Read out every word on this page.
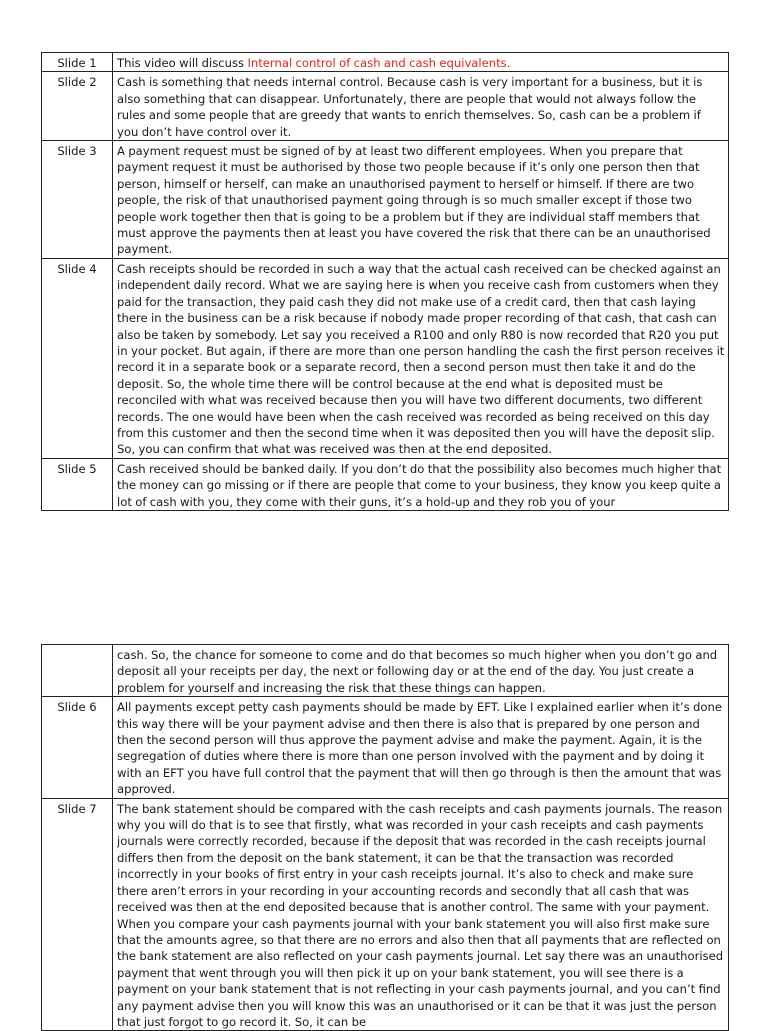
Slide 1	This video will discuss Internal control of cash and cash equivalents.
Slide 2	Cash is something that needs internal control. Because cash is very important for a business, but it is also something that can disappear. Unfortunately, there are people that would not always follow the rules and some people that are greedy that wants to enrich themselves. So, cash can be a problem if you don’t have control over it.
Slide 3	A payment request must be signed of by at least two different employees. When you prepare that payment request it must be authorised by those two people because if it’s only one person then that person, himself or herself, can make an unauthorised payment to herself or himself. If there are two people, the risk of that unauthorised payment going through is so much smaller except if those two people work together then that is going to be a problem but if they are individual staff members that must approve the payments then at least you have covered the risk that there can be an unauthorised payment.
Slide 4	Cash receipts should be recorded in such a way that the actual cash received can be checked against an independent daily record. What we are saying here is when you receive cash from customers when they paid for the transaction, they paid cash they did not make use of a credit card, then that cash laying there in the business can be a risk because if nobody made proper recording of that cash, that cash can also be taken by somebody. Let say you received a R100 and only R80 is now recorded that R20 you put in your pocket. But again, if there are more than one person handling the cash the first person receives it record it in a separate book or a separate record, then a second person must then take it and do the deposit. So, the whole time there will be control because at the end what is deposited must be reconciled with what was received because then you will have two different documents, two different records. The one would have been when the cash received was recorded as being received on this day from this customer and then the second time when it was deposited then you will have the deposit slip. So, you can confirm that what was received was then at the end deposited.
Slide 5	Cash received should be banked daily. If you don’t do that the possibility also becomes much higher that the money can go missing or if there are people that come to your business, they know you keep quite a lot of cash with you, they come with their guns, it’s a hold-up and they rob you of your
	cash. So, the chance for someone to come and do that becomes so much higher when you don’t go and deposit all your receipts per day, the next or following day or at the end of the day. You just create a problem for yourself and increasing the risk that these things can happen.
Slide 6	All payments except petty cash payments should be made by EFT. Like I explained earlier when it’s done this way there will be your payment advise and then there is also that is prepared by one person and then the second person will thus approve the payment advise and make the payment. Again, it is the segregation of duties where there is more than one person involved with the payment and by doing it with an EFT you have full control that the payment that will then go through is then the amount that was approved.
Slide 7	The bank statement should be compared with the cash receipts and cash payments journals. The reason why you will do that is to see that firstly, what was recorded in your cash receipts and cash payments journals were correctly recorded, because if the deposit that was recorded in the cash receipts journal differs then from the deposit on the bank statement, it can be that the transaction was recorded incorrectly in your books of first entry in your cash receipts journal. It’s also to check and make sure there aren’t errors in your recording in your accounting records and secondly that all cash that was received was then at the end deposited because that is another control. The same with your payment. When you compare your cash payments journal with your bank statement you will also first make sure that the amounts agree, so that there are no errors and also then that all payments that are reflected on the bank statement are also reflected on your cash payments journal. Let say there was an unauthorised payment that went through you will then pick it up on your bank statement, you will see there is a payment on your bank statement that is not reflecting in your cash payments journal, and you can’t find any payment advise then you will know this was an unauthorised or it can be that it was just the person that just forgot to go record it. So, it can be
